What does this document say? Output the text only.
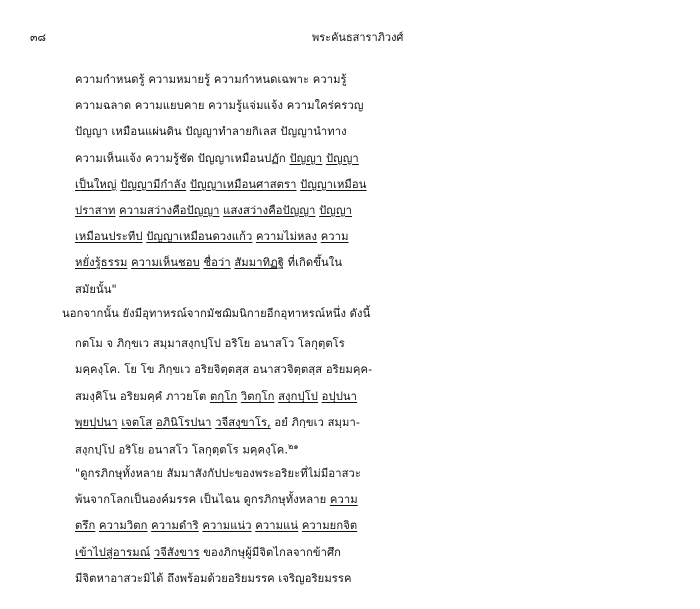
๓๘	พระคันธสาราภิวงศ์
ความกำหนดรู้ ความหมายรู้ ความกำหนดเฉพาะ ความรู้
ความฉลาด ความแยบคาย ความรู้แจ่มแจ้ง ความใคร่ครวญ
ปัญญา เหมือนแผ่นดิน ปัญญาทำลายกิเลส ปัญญานำทาง
ความเห็นแจ้ง ความรู้ชัด ปัญญาเหมือนปฏัก ปัญญา ปัญญา
เป็นใหญ่ ปัญญามีกำลัง ปัญญาเหมือนศาสตรา ปัญญาเหมือน
ปราสาท ความสว่างคือปัญญา แสงสว่างคือปัญญา ปัญญา
เหมือนประทีป ปัญญาเหมือนดวงแก้ว ความไม่หลง ความ
หยั่งรู้ธรรม ความเห็นชอบ ชื่อว่า สัมมาทิฏฐิ ที่เกิดขึ้นใน
สมัยนั้น"
นอกจากนั้น ยังมีอุทาหรณ์จากมัชฌิมนิกายอีกอุทาหรณ์หนึ่ง ดังนี้
กตโม จ ภิกฺขเว สมฺมาสงฺกปฺโป อริโย อนาสโว โลกุตฺตโร
มคฺคงฺโค. โย โข ภิกฺขเว อริยจิตฺตสฺส อนาสวจิตฺตสฺส อริยมคฺค-
สมงฺคิโน อริยมคฺคํ ภาวยโต ตกฺโก วิตกฺโก สงฺกปฺโป อปฺปนา
พฺยปฺปนา เจตโส อภินิโรปนา วจีสงฺขาโร, อยํ ภิกฺขเว สมฺมา-
สงฺกปฺโป อริโย อนาสโว โลกุตฺตโร มคฺคงฺโค.$^{๒๑}$
"ดูกรภิกษุทั้งหลาย สัมมาสังกัปปะของพระอริยะที่ไม่มีอาสวะ
พ้นจากโลกเป็นองค์มรรค เป็นไฉน ดูกรภิกษุทั้งหลาย ความ
ตรึก ความวิตก ความดำริ ความแน่ว ความแน่ ความยกจิต
เข้าไปสู่อารมณ์ วจีสังขาร ของภิกษุผู้มีจิตไกลจากข้าศึก
มีจิตหาอาสวะมิได้ ถึงพร้อมด้วยอริยมรรค เจริญอริยมรรค
